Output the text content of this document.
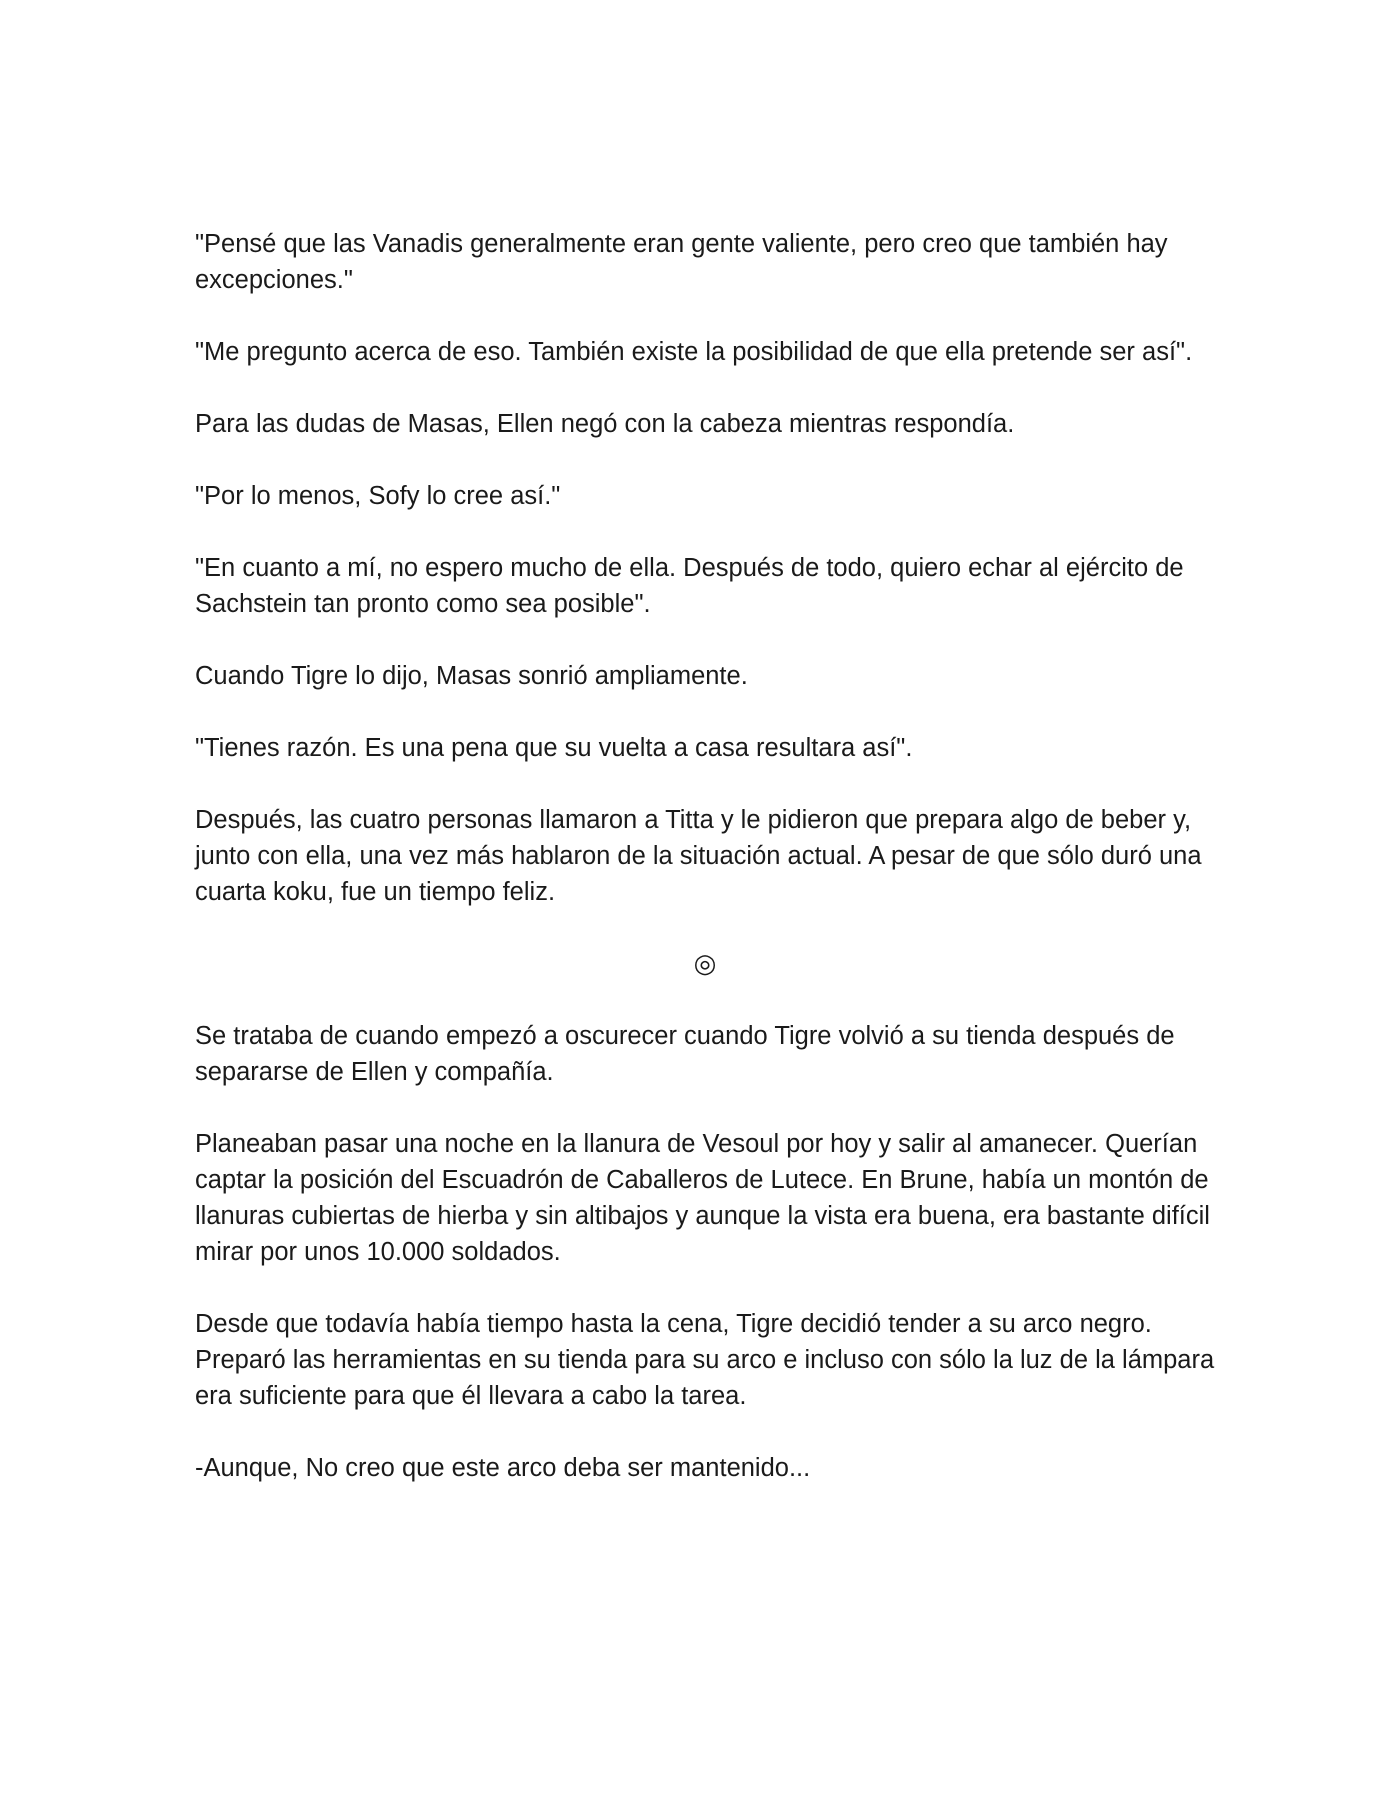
"Pensé que las Vanadis generalmente eran gente valiente, pero creo que también hay excepciones."

"Me pregunto acerca de eso. También existe la posibilidad de que ella pretende ser así".

Para las dudas de Masas, Ellen negó con la cabeza mientras respondía.

"Por lo menos, Sofy lo cree así."

"En cuanto a mí, no espero mucho de ella. Después de todo, quiero echar al ejército de Sachstein tan pronto como sea posible".

Cuando Tigre lo dijo, Masas sonrió ampliamente.

"Tienes razón. Es una pena que su vuelta a casa resultara así".

Después, las cuatro personas llamaron a Titta y le pidieron que prepara algo de beber y, junto con ella, una vez más hablaron de la situación actual. A pesar de que sólo duró una cuarta koku, fue un tiempo feliz.

◎

Se trataba de cuando empezó a oscurecer cuando Tigre volvió a su tienda después de separarse de Ellen y compañía.

Planeaban pasar una noche en la llanura de Vesoul por hoy y salir al amanecer. Querían captar la posición del Escuadrón de Caballeros de Lutece. En Brune, había un montón de llanuras cubiertas de hierba y sin altibajos y aunque la vista era buena, era bastante difícil mirar por unos 10.000 soldados.

Desde que todavía había tiempo hasta la cena, Tigre decidió tender a su arco negro. Preparó las herramientas en su tienda para su arco e incluso con sólo la luz de la lámpara era suficiente para que él llevara a cabo la tarea.

-Aunque, No creo que este arco deba ser mantenido...
